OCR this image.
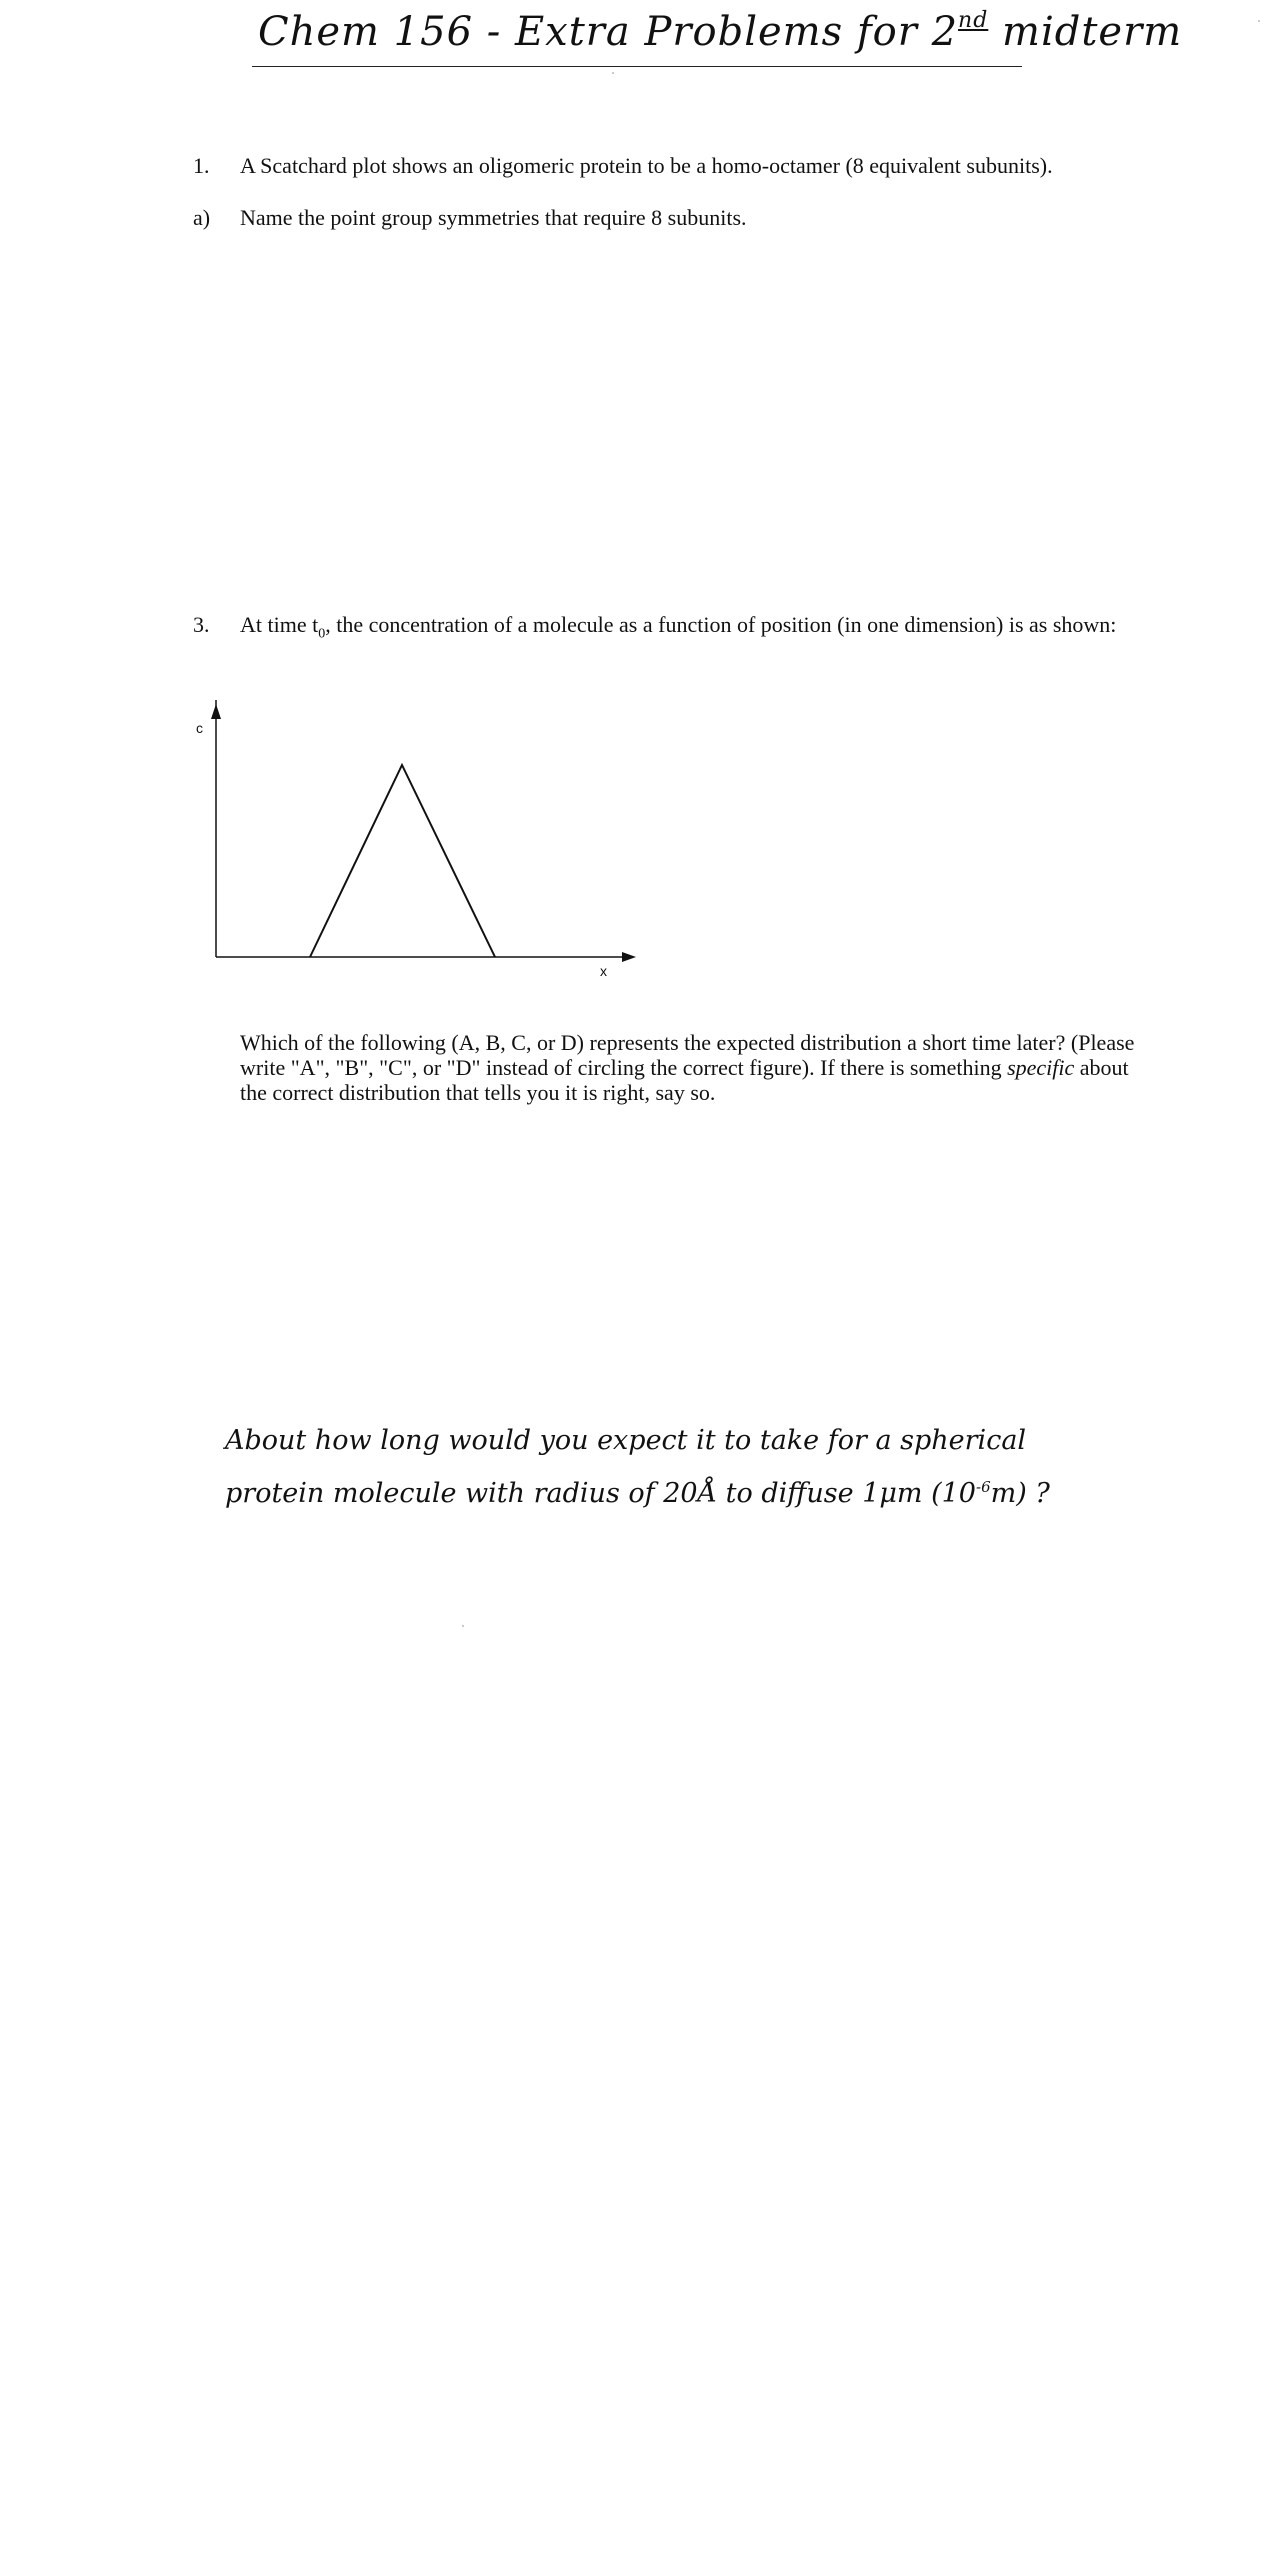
Chem 156 - Extra Problems for 2nd midterm
1.	A Scatchard plot shows an oligomeric protein to be a homo-octamer (8 equivalent subunits).
a)	Name the point group symmetries that require 8 subunits.
3.	At time $t_0$, the concentration of a molecule as a function of position (in one dimension) is as shown:
c
x
Which of the following (A, B, C, or D) represents the expected distribution a short time later? (Please write "A", "B", "C", or "D" instead of circling the correct figure). If there is something specific about the correct distribution that tells you it is right, say so.
About how long would you expect it to take for a spherical
protein molecule with radius of 20Å to diffuse 1μm $(10^{-6}m)$ ?
